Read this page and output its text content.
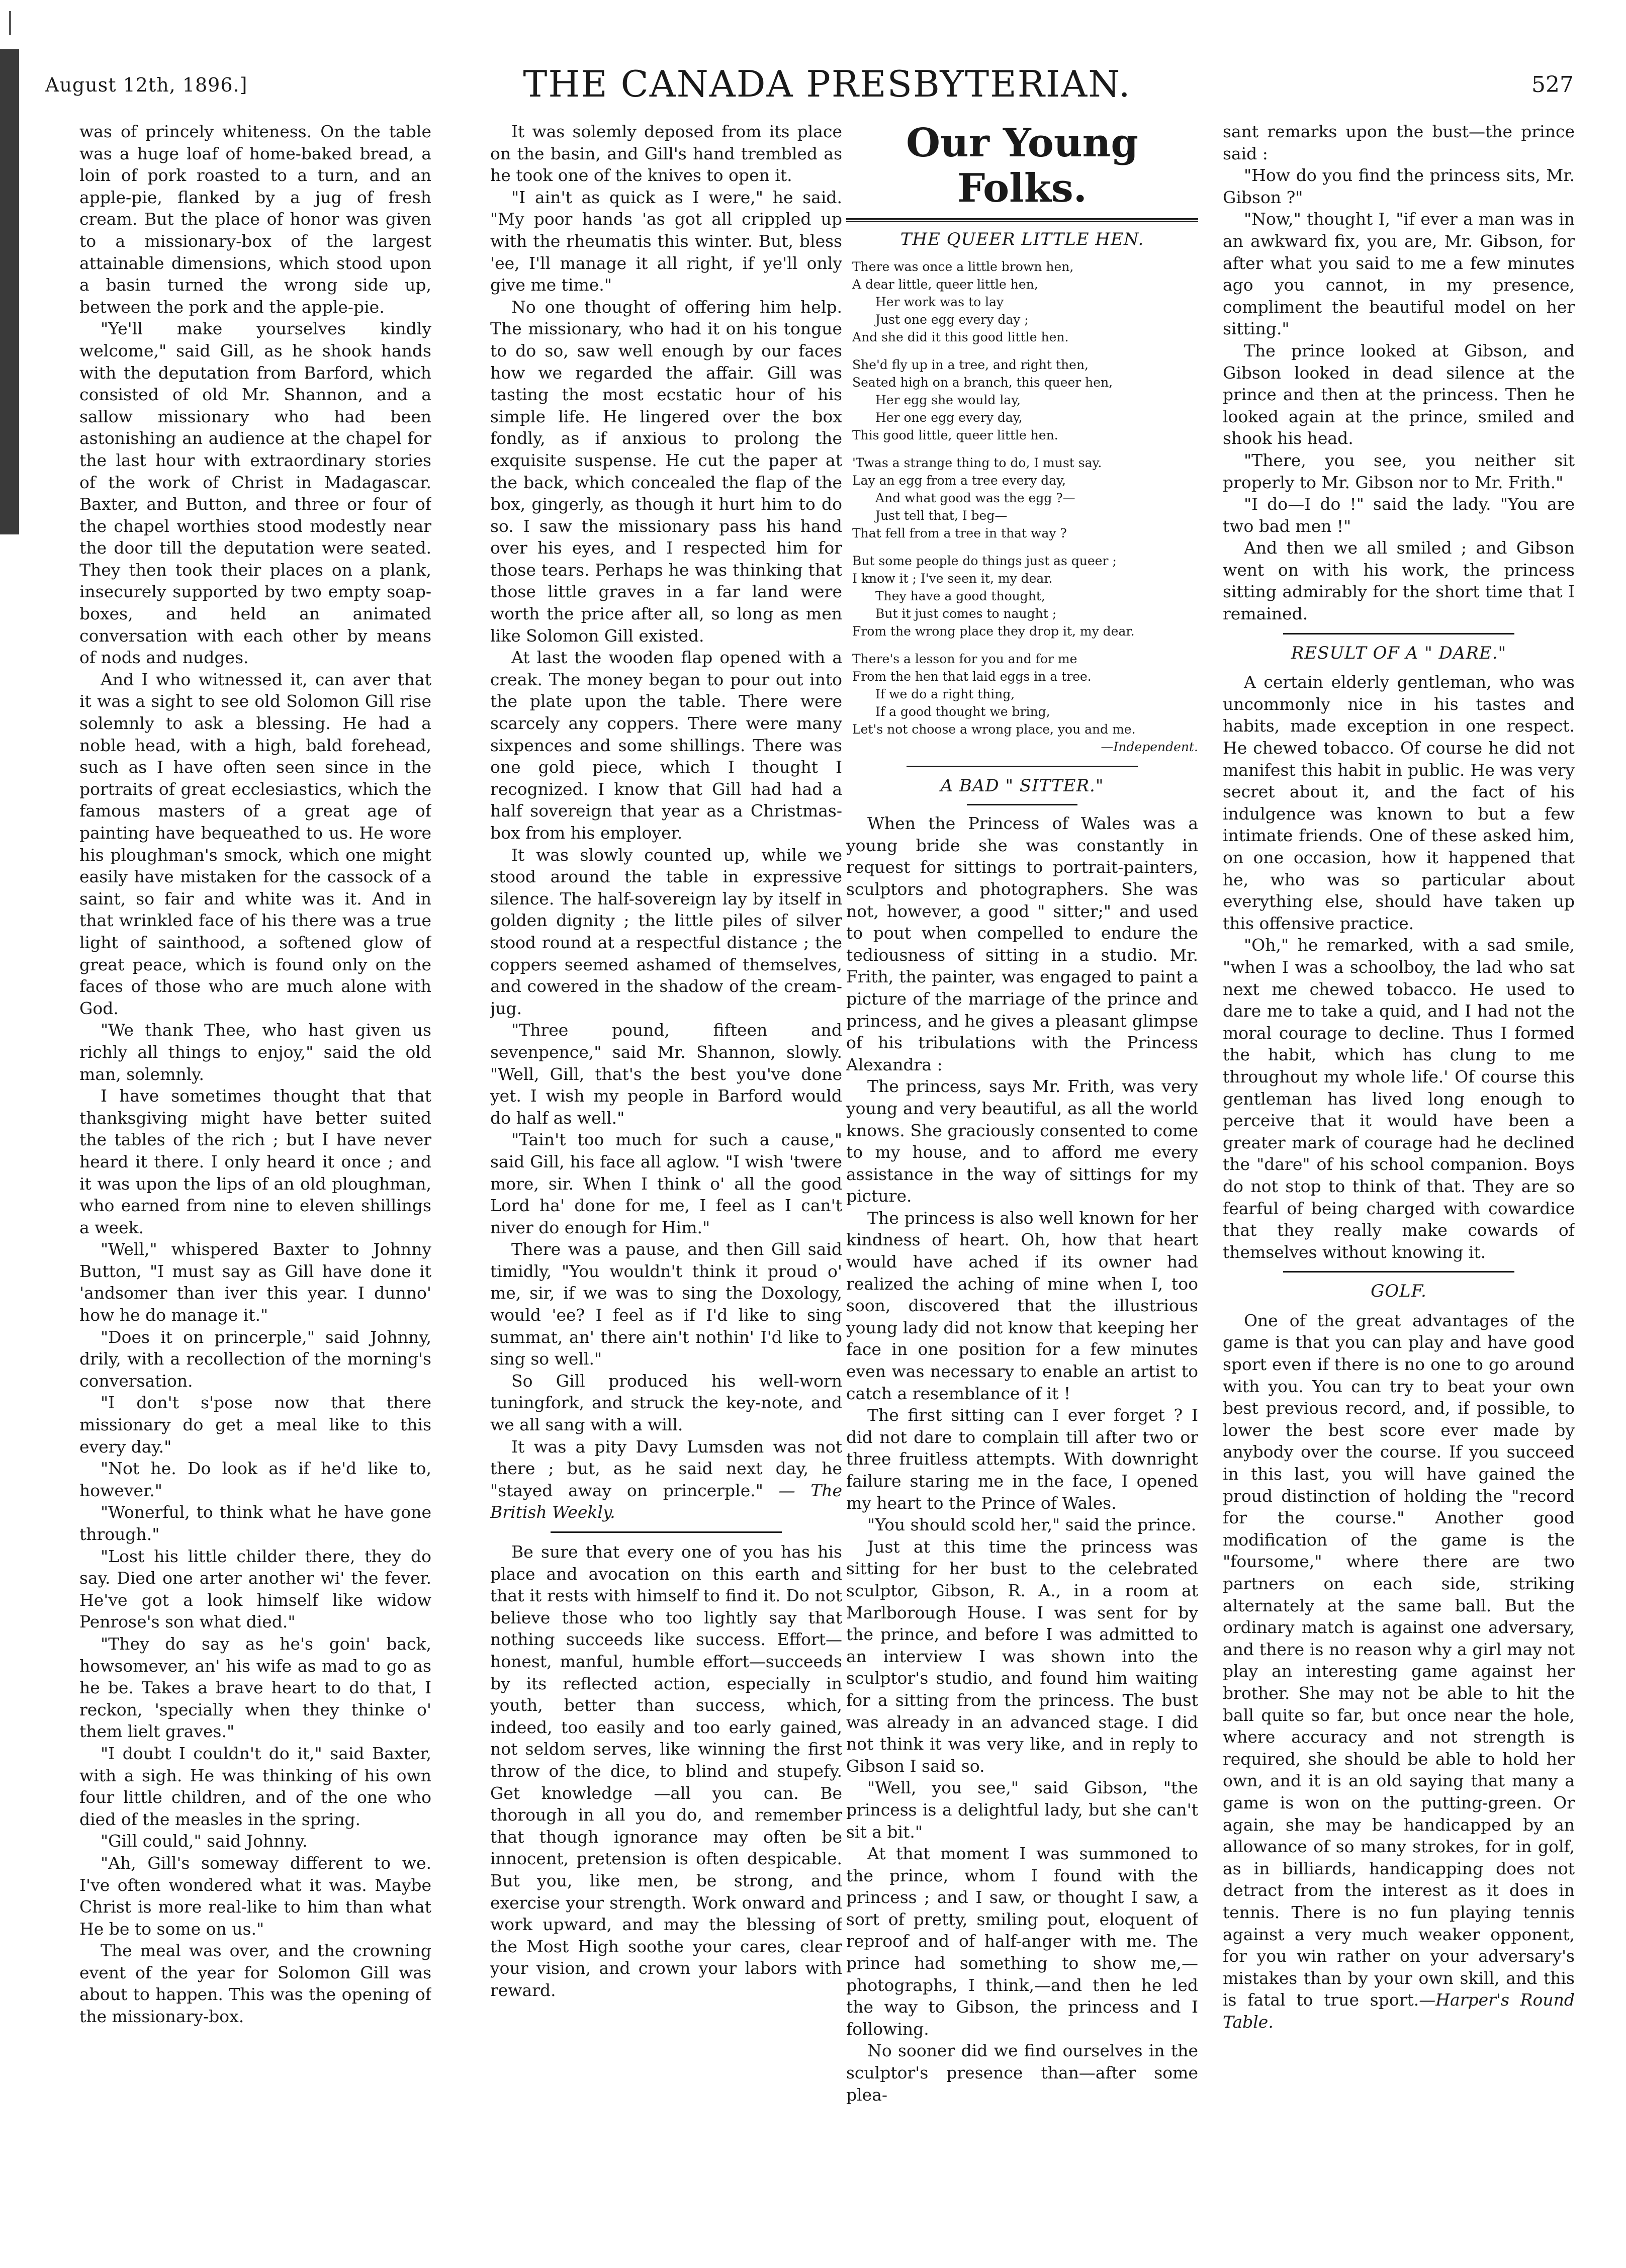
August 12th, 1896.]	THE CANADA PRESBYTERIAN.	527

was of princely whiteness. On the table was a huge loaf of home-baked bread, a loin of pork roasted to a turn, and an apple-pie, flanked by a jug of fresh cream. But the place of honor was given to a missionary-box of the largest attainable dimensions, which stood upon a basin turned the wrong side up, between the pork and the apple-pie.

"Ye'll make yourselves kindly welcome," said Gill, as he shook hands with the deputation from Barford, which consisted of old Mr. Shannon, and a sallow missionary who had been astonishing an audience at the chapel for the last hour with extraordinary stories of the work of Christ in Madagascar. Baxter, and Button, and three or four of the chapel worthies stood modestly near the door till the deputation were seated. They then took their places on a plank, insecurely supported by two empty soap-boxes, and held an animated conversation with each other by means of nods and nudges.

And I who witnessed it, can aver that it was a sight to see old Solomon Gill rise solemnly to ask a blessing. He had a noble head, with a high, bald forehead, such as I have often seen since in the portraits of great ecclesiastics, which the famous masters of a great age of painting have bequeathed to us. He wore his ploughman's smock, which one might easily have mistaken for the cassock of a saint, so fair and white was it. And in that wrinkled face of his there was a true light of sainthood, a softened glow of great peace, which is found only on the faces of those who are much alone with God.

"We thank Thee, who hast given us richly all things to enjoy," said the old man, solemnly.

I have sometimes thought that that thanksgiving might have better suited the tables of the rich ; but I have never heard it there. I only heard it once ; and it was upon the lips of an old ploughman, who earned from nine to eleven shillings a week.

"Well," whispered Baxter to Johnny Button, "I must say as Gill have done it 'andsomer than iver this year. I dunno' how he do manage it."

"Does it on princerple," said Johnny, drily, with a recollection of the morning's conversation.

"I don't s'pose now that there missionary do get a meal like to this every day."

"Not he. Do look as if he'd like to, however."

"Wonerful, to think what he have gone through."

"Lost his little childer there, they do say. Died one arter another wi' the fever. He've got a look himself like widow Penrose's son what died."

"They do say as he's goin' back, howsomever, an' his wife as mad to go as he be. Takes a brave heart to do that, I reckon, 'specially when they thinke o' them lielt graves."

"I doubt I couldn't do it," said Baxter, with a sigh. He was thinking of his own four little children, and of the one who died of the measles in the spring.

"Gill could," said Johnny.

"Ah, Gill's someway different to we. I've often wondered what it was. Maybe Christ is more real-like to him than what He be to some on us."

The meal was over, and the crowning event of the year for Solomon Gill was about to happen. This was the opening of the missionary-box.

It was solemly deposed from its place on the basin, and Gill's hand trembled as he took one of the knives to open it.

"I ain't as quick as I were," he said. "My poor hands 'as got all crippled up with the rheumatis this winter. But, bless 'ee, I'll manage it all right, if ye'll only give me time."

No one thought of offering him help. The missionary, who had it on his tongue to do so, saw well enough by our faces how we regarded the affair. Gill was tasting the most ecstatic hour of his simple life. He lingered over the box fondly, as if anxious to prolong the exquisite suspense. He cut the paper at the back, which concealed the flap of the box, gingerly, as though it hurt him to do so. I saw the missionary pass his hand over his eyes, and I respected him for those tears. Perhaps he was thinking that those little graves in a far land were worth the price after all, so long as men like Solomon Gill existed.

At last the wooden flap opened with a creak. The money began to pour out into the plate upon the table. There were scarcely any coppers. There were many sixpences and some shillings. There was one gold piece, which I thought I recognized. I know that Gill had had a half sovereign that year as a Christmas-box from his employer.

It was slowly counted up, while we stood around the table in expressive silence. The half-sovereign lay by itself in golden dignity ; the little piles of silver stood round at a respectful distance ; the coppers seemed ashamed of themselves, and cowered in the shadow of the cream-jug.

"Three pound, fifteen and sevenpence," said Mr. Shannon, slowly. "Well, Gill, that's the best you've done yet. I wish my people in Barford would do half as well."

"Tain't too much for such a cause," said Gill, his face all aglow. "I wish 'twere more, sir. When I think o' all the good Lord ha' done for me, I feel as I can't niver do enough for Him."

There was a pause, and then Gill said timidly, "You wouldn't think it proud o' me, sir, if we was to sing the Doxology, would 'ee? I feel as if I'd like to sing summat, an' there ain't nothin' I'd like to sing so well."

So Gill produced his well-worn tuningfork, and struck the key-note, and we all sang with a will.

It was a pity Davy Lumsden was not there ; but, as he said next day, he "stayed away on princerple." — The British Weekly.

Be sure that every one of you has his place and avocation on this earth and that it rests with himself to find it. Do not believe those who too lightly say that nothing succeeds like success. Effort—honest, manful, humble effort—succeeds by its reflected action, especially in youth, better than success, which, indeed, too easily and too early gained, not seldom serves, like winning the first throw of the dice, to blind and stupefy. Get knowledge —all you can. Be thorough in all you do, and remember that though ignorance may often be innocent, pretension is often despicable. But you, like men, be strong, and exercise your strength. Work onward and work upward, and may the blessing of the Most High soothe your cares, clear your vision, and crown your labors with reward.

Our Young Folks.

THE QUEER LITTLE HEN.

There was once a little brown hen,
A dear little, queer little hen,
Her work was to lay
Just one egg every day ;
And she did it this good little hen.
She'd fly up in a tree, and right then,
Seated high on a branch, this queer hen,
Her egg she would lay,
Her one egg every day,
This good little, queer little hen.
'Twas a strange thing to do, I must say.
Lay an egg from a tree every day,
And what good was the egg ?—
Just tell that, I beg—
That fell from a tree in that way ?
But some people do things just as queer ;
I know it ; I've seen it, my dear.
They have a good thought,
But it just comes to naught ;
From the wrong place they drop it, my dear.
There's a lesson for you and for me
From the hen that laid eggs in a tree.
If we do a right thing,
If a good thought we bring,
Let's not choose a wrong place, you and me.
—Independent.

A BAD " SITTER."

When the Princess of Wales was a young bride she was constantly in request for sittings to portrait-painters, sculptors and photographers. She was not, however, a good " sitter;" and used to pout when compelled to endure the tediousness of sitting in a studio. Mr. Frith, the painter, was engaged to paint a picture of the marriage of the prince and princess, and he gives a pleasant glimpse of his tribulations with the Princess Alexandra :

The princess, says Mr. Frith, was very young and very beautiful, as all the world knows. She graciously consented to come to my house, and to afford me every assistance in the way of sittings for my picture.

The princess is also well known for her kindness of heart. Oh, how that heart would have ached if its owner had realized the aching of mine when I, too soon, discovered that the illustrious young lady did not know that keeping her face in one position for a few minutes even was necessary to enable an artist to catch a resemblance of it !

The first sitting can I ever forget ? I did not dare to complain till after two or three fruitless attempts. With downright failure staring me in the face, I opened my heart to the Prince of Wales.

"You should scold her," said the prince.

Just at this time the princess was sitting for her bust to the celebrated sculptor, Gibson, R. A., in a room at Marlborough House. I was sent for by the prince, and before I was admitted to an interview I was shown into the sculptor's studio, and found him waiting for a sitting from the princess. The bust was already in an advanced stage. I did not think it was very like, and in reply to Gibson I said so.

"Well, you see," said Gibson, "the princess is a delightful lady, but she can't sit a bit."

At that moment I was summoned to the prince, whom I found with the princess ; and I saw, or thought I saw, a sort of pretty, smiling pout, eloquent of reproof and of half-anger with me. The prince had something to show me,—photographs, I think,—and then he led the way to Gibson, the princess and I following.

No sooner did we find ourselves in the sculptor's presence than—after some plea-

sant remarks upon the bust—the prince said :

"How do you find the princess sits, Mr. Gibson ?"

"Now," thought I, "if ever a man was in an awkward fix, you are, Mr. Gibson, for after what you said to me a few minutes ago you cannot, in my presence, compliment the beautiful model on her sitting."

The prince looked at Gibson, and Gibson looked in dead silence at the prince and then at the princess. Then he looked again at the prince, smiled and shook his head.

"There, you see, you neither sit properly to Mr. Gibson nor to Mr. Frith."

"I do—I do !" said the lady. "You are two bad men !"

And then we all smiled ; and Gibson went on with his work, the princess sitting admirably for the short time that I remained.

RESULT OF A " DARE."

A certain elderly gentleman, who was uncommonly nice in his tastes and habits, made exception in one respect. He chewed tobacco. Of course he did not manifest this habit in public. He was very secret about it, and the fact of his indulgence was known to but a few intimate friends. One of these asked him, on one occasion, how it happened that he, who was so particular about everything else, should have taken up this offensive practice.

"Oh," he remarked, with a sad smile, "when I was a schoolboy, the lad who sat next me chewed tobacco. He used to dare me to take a quid, and I had not the moral courage to decline. Thus I formed the habit, which has clung to me throughout my whole life.' Of course this gentleman has lived long enough to perceive that it would have been a greater mark of courage had he declined the "dare" of his school companion. Boys do not stop to think of that. They are so fearful of being charged with cowardice that they really make cowards of themselves without knowing it.

GOLF.

One of the great advantages of the game is that you can play and have good sport even if there is no one to go around with you. You can try to beat your own best previous record, and, if possible, to lower the best score ever made by anybody over the course. If you succeed in this last, you will have gained the proud distinction of holding the "record for the course." Another good modification of the game is the "foursome," where there are two partners on each side, striking alternately at the same ball. But the ordinary match is against one adversary, and there is no reason why a girl may not play an interesting game against her brother. She may not be able to hit the ball quite so far, but once near the hole, where accuracy and not strength is required, she should be able to hold her own, and it is an old saying that many a game is won on the putting-green. Or again, she may be handicapped by an allowance of so many strokes, for in golf, as in billiards, handicapping does not detract from the interest as it does in tennis. There is no fun playing tennis against a very much weaker opponent, for you win rather on your adversary's mistakes than by your own skill, and this is fatal to true sport.—Harper's Round Table.
